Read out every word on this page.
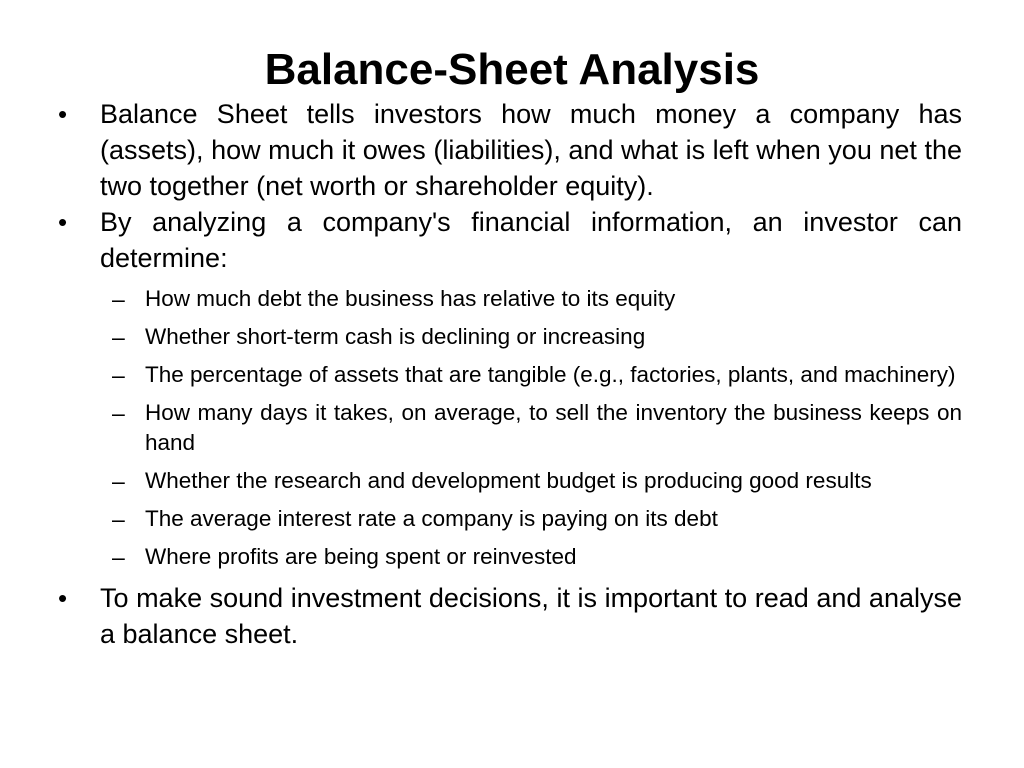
Balance-Sheet Analysis
•	Balance Sheet tells investors how much money a company has (assets), how much it owes (liabilities), and what is left when you net the two together (net worth or shareholder equity).
•	By analyzing a company's financial information, an investor can determine:
– How much debt the business has relative to its equity
– Whether short-term cash is declining or increasing
– The percentage of assets that are tangible (e.g., factories, plants, and machinery)
– How many days it takes, on average, to sell the inventory the business keeps on hand
– Whether the research and development budget is producing good results
– The average interest rate a company is paying on its debt
– Where profits are being spent or reinvested
•	To make sound investment decisions, it is important to read and analyse a balance sheet.
